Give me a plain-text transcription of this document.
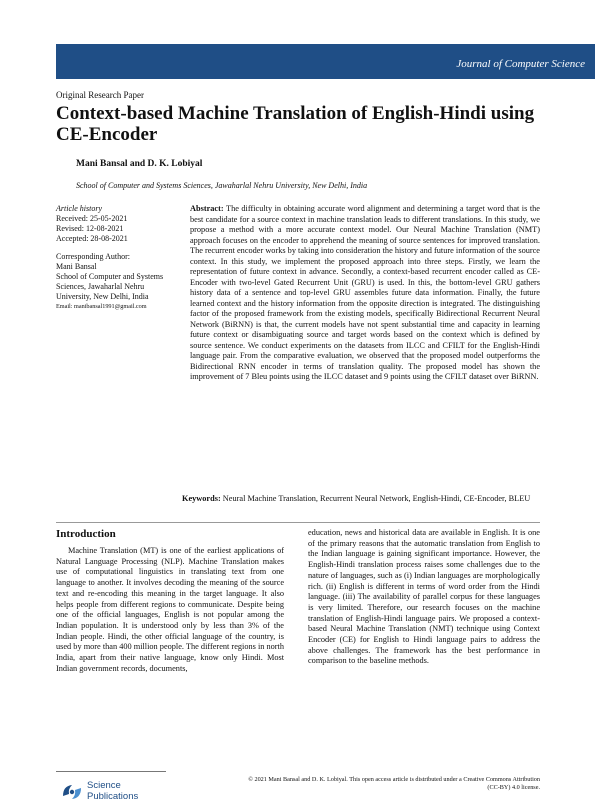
Journal of Computer Science
Original Research Paper
Context-based Machine Translation of English-Hindi using CE-Encoder
Mani Bansal and D. K. Lobiyal
School of Computer and Systems Sciences, Jawaharlal Nehru University, New Delhi, India
Article history
Received: 25-05-2021
Revised: 12-08-2021
Accepted: 28-08-2021
Corresponding Author:
Mani Bansal
School of Computer and Systems Sciences, Jawaharlal Nehru University, New Delhi, India
Email: manibansal1991@gmail.com

Abstract: The difficulty in obtaining accurate word alignment and determining a target word that is the best candidate for a source context in machine translation leads to different translations. In this study, we propose a method with a more accurate context model. Our Neural Machine Translation (NMT) approach focuses on the encoder to apprehend the meaning of source sentences for improved translation. The recurrent encoder works by taking into consideration the history and future information of the source context. In this study, we implement the proposed approach into three steps. Firstly, we learn the representation of future context in advance. Secondly, a context-based recurrent encoder called as CE-Encoder with two-level Gated Recurrent Unit (GRU) is used. In this, the bottom-level GRU gathers history data of a sentence and top-level GRU assembles future data information. Finally, the future learned context and the history information from the opposite direction is integrated. The distinguishing factor of the proposed framework from the existing models, specifically Bidirectional Recurrent Neural Network (BiRNN) is that, the current models have not spent substantial time and capacity in learning future context or disambiguating source and target words based on the context which is defined by source sentence. We conduct experiments on the datasets from ILCC and CFILT for the English-Hindi language pair. From the comparative evaluation, we observed that the proposed model outperforms the Bidirectional RNN encoder in terms of translation quality. The proposed model has shown the improvement of 7 Bleu points using the ILCC dataset and 9 points using the CFILT dataset over BiRNN.

Keywords: Neural Machine Translation, Recurrent Neural Network, English-Hindi, CE-Encoder, BLEU

Introduction

Machine Translation (MT) is one of the earliest applications of Natural Language Processing (NLP). Machine Translation makes use of computational linguistics in translating text from one language to another. It involves decoding the meaning of the source text and re-encoding this meaning in the target language. It also helps people from different regions to communicate. Despite being one of the official languages, English is not popular among the Indian population. It is understood only by less than 3% of the Indian people. Hindi, the other official language of the country, is used by more than 400 million people. The different regions in north India, apart from their native language, know only Hindi. Most Indian government records, documents,

education, news and historical data are available in English. It is one of the primary reasons that the automatic translation from English to the Indian language is gaining significant importance. However, the English-Hindi translation process raises some challenges due to the nature of languages, such as (i) Indian languages are morphologically rich. (ii) English is different in terms of word order from the Hindi language. (iii) The availability of parallel corpus for these languages is very limited. Therefore, our research focuses on the machine translation of English-Hindi language pairs. We proposed a context-based Neural Machine Translation (NMT) technique using Context Encoder (CE) for English to Hindi language pairs to address the above challenges. The framework has the best performance in comparison to the baseline methods.

© 2021 Mani Bansal and D. K. Lobiyal. This open access article is distributed under a Creative Commons Attribution (CC-BY) 4.0 license.
Science
Publications
